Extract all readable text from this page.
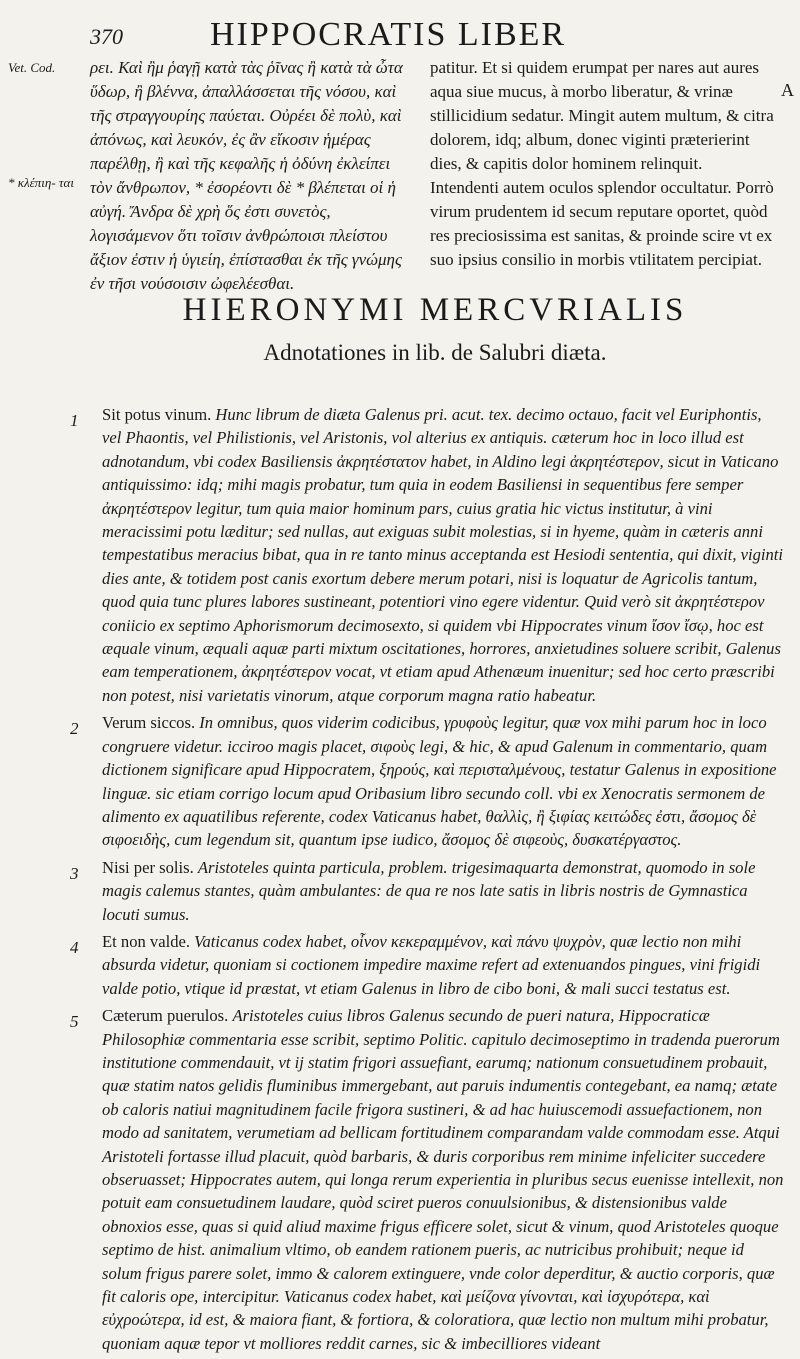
370	HIPPOCRATIS LIBER
Vet. Cod.
* κλέπιη- ται
A

ρει. Καὶ ἢμ ῥαγῇ κατὰ τὰς ῥῖνας ἢ κατὰ τὰ ὦτα ὕδωρ, ἢ βλέννα, ἀπαλλάσσεται τῆς νόσου, καὶ τῆς στραγγουρίης παύεται. Οὐρέει δὲ πολὺ, καὶ ἀπόνως, καὶ λευκόν, ἐς ἂν εἴκοσιν ἡμέρας παρέλθῃ, ἢ καὶ τῆς κεφαλῆς ἡ ὀδύνη ἐκλείπει τὸν ἄνθρωπον, * ἐσορέοντι δὲ * βλέπεται οἱ ἡ αὐγή. Ἄνδρα δὲ χρὴ ὅς ἐστι συνετὸς, λογισάμενον ὅτι τοῖσιν ἀνθρώποισι πλείστου ἄξιον ἐστιν ἡ ὑγιείη, ἐπίστασθαι ἐκ τῆς γνώμης ἐν τῆσι νούσοισιν ὠφελέεσθαι.

patitur. Et si quidem erumpat per nares aut aures aqua siue mucus, à morbo liberatur, & vrinæ stillicidium sedatur. Mingit autem multum, & citra dolorem, idq; album, donec viginti præterierint dies, & capitis dolor hominem relinquit. Intendenti autem oculos splendor occultatur. Porrò virum prudentem id secum reputare oportet, quòd res preciosissima est sanitas, & proinde scire vt ex suo ipsius consilio in morbis vtilitatem percipiat.

HIERONYMI MERCVRIALIS
Adnotationes in lib. de Salubri diæta.

1 Sit potus vinum. Hunc librum de diæta Galenus pri. acut. tex. decimo octauo, facit vel Euriphontis, vel Phaontis, vel Philistionis, vel Aristonis, vol alterius ex antiquis. cæterum hoc in loco illud est adnotandum, vbi codex Basiliensis ἀκρητέστατον habet, in Aldino legi ἀκρητέστερον, sicut in Vaticano antiquissimo: idq; mihi magis probatur, tum quia in eodem Basiliensi in sequentibus fere semper ἀκρητέστερον legitur, tum quia maior hominum pars, cuius gratia hic victus institutur, à vini meracissimi potu læditur; sed nullas, aut exiguas subit molestias, si in hyeme, quàm in cæteris anni tempestatibus meracius bibat, qua in re tanto minus acceptanda est Hesiodi sententia, qui dixit, viginti dies ante, & totidem post canis exortum debere merum potari, nisi is loquatur de Agricolis tantum, quod quia tunc plures labores sustineant, potentiori vino egere videntur. Quid verò sit ἀκρητέστερον coniicio ex septimo Aphorismorum decimosexto, si quidem vbi Hippocrates vinum ἴσον ἴσῳ, hoc est æquale vinum, æquali aquæ parti mixtum oscitationes, horrores, anxietudines soluere scribit, Galenus eam temperationem, ἀκρητέστερον vocat, vt etiam apud Athenæum inuenitur; sed hoc certo præscribi non potest, nisi varietatis vinorum, atque corporum magna ratio habeatur.

2 Verum siccos. In omnibus, quos viderim codicibus, γρυφοὺς legitur, quæ vox mihi parum hoc in loco congruere videtur. icciroo magis placet, σιφοὺς legi, & hic, & apud Galenum in commentario, quam dictionem significare apud Hippocratem, ξηρούς, καὶ περισταλμένους, testatur Galenus in expositione linguæ. sic etiam corrigo locum apud Oribasium libro secundo coll. vbi ex Xenocratis sermonem de alimento ex aquatilibus referente, codex Vaticanus habet, θαλλὶς, ἢ ξιφίας κειτώδες ἐστι, ἄσομος δὲ σιφοειδὴς, cum legendum sit, quantum ipse iudico, ἄσομος δὲ σιφεοὺς, δυσκατέργαστος.

3 Nisi per solis. Aristoteles quinta particula, problem. trigesimaquarta demonstrat, quomodo in sole magis calemus stantes, quàm ambulantes: de qua re nos late satis in libris nostris de Gymnastica locuti sumus.

4 Et non valde. Vaticanus codex habet, οἶνον κεκεραμμένον, καὶ πάνυ ψυχρὸν, quæ lectio non mihi absurda videtur, quoniam si coctionem impedire maxime refert ad extenuandos pingues, vini frigidi valde potio, vtique id præstat, vt etiam Galenus in libro de cibo boni, & mali succi testatus est.

5 Cæterum puerulos. Aristoteles cuius libros Galenus secundo de pueri natura, Hippocraticæ Philosophiæ commentaria esse scribit, septimo Politic. capitulo decimoseptimo in tradenda puerorum institutione commendauit, vt ij statim frigori assuefiant, earumq; nationum consuetudinem probauit, quæ statim natos gelidis fluminibus immergebant, aut paruis indumentis contegebant, ea namq; ætate ob caloris natiui magnitudinem facile frigora sustineri, & ad hac huiuscemodi assuefactionem, non modo ad sanitatem, verumetiam ad bellicam fortitudinem comparandam valde commodam esse. Atqui Aristoteli fortasse illud placuit, quòd barbaris, & duris corporibus rem minime infeliciter succedere obseruasset; Hippocrates autem, qui longa rerum experientia in pluribus secus euenisse intellexit, non potuit eam consuetudinem laudare, quòd sciret pueros conuulsionibus, & distensionibus valde obnoxios esse, quas si quid aliud maxime frigus efficere solet, sicut & vinum, quod Aristoteles quoque septimo de hist. animalium vltimo, ob eandem rationem pueris, ac nutricibus prohibuit; neque id solum frigus parere solet, immo & calorem extinguere, vnde color deperditur, & auctio corporis, quæ fit caloris ope, intercipitur. Vaticanus codex habet, καὶ μείζονα γίνονται, καὶ ἰσχυρότερα, καὶ εὐχροώτερα, id est, & maiora fiant, & fortiora, & coloratiora, quæ lectio non multum mihi probatur, quoniam aquæ tepor vt molliores reddit carnes, sic & imbecilliores videant
